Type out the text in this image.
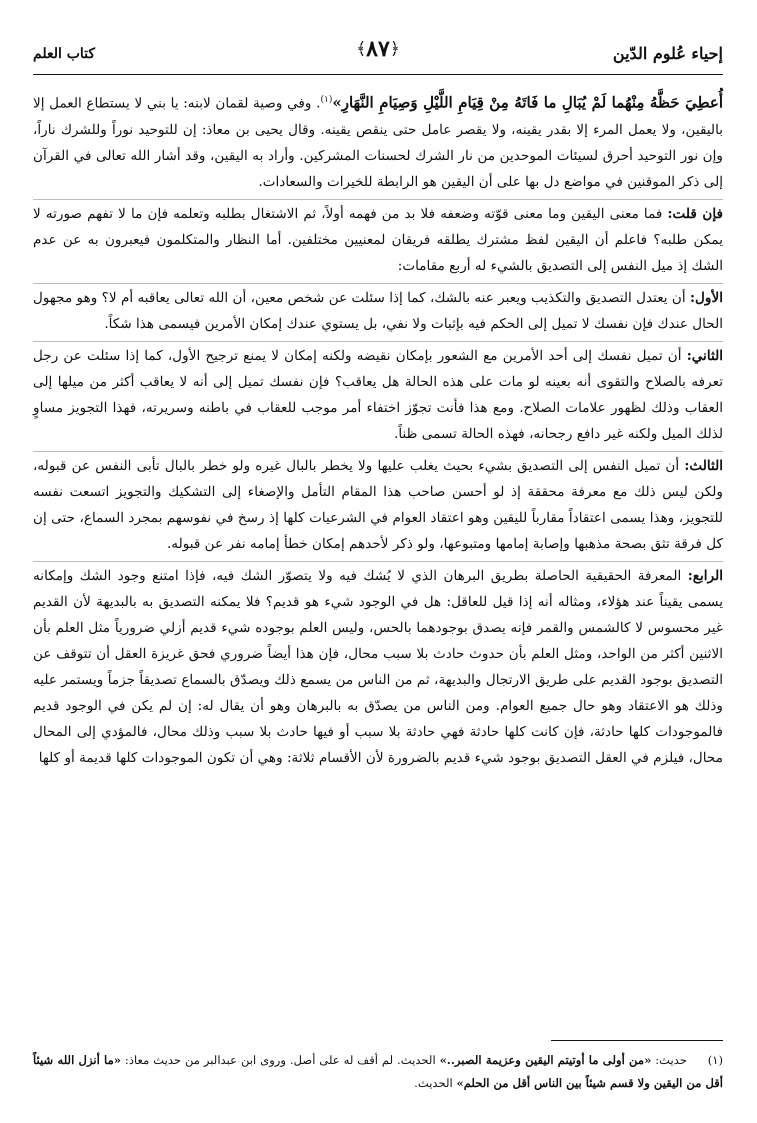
إحياء عُلوم الدّين
﴾٨٧﴿
كتاب العلم

أُعطِيَ حَظَّهُ مِنْهُما لَمْ يُبَالِ ما فَاتَهُ مِنْ قِيَامِ اللَّيْلِ وَصِيَامِ النَّهَارِ»$^{(١)}$. وفي وصية لقمان لابنه: يا بني لا يستطاع العمل إلا باليقين، ولا يعمل المرء إلا بقدر يقينه، ولا يقصر عامل حتى ينقص يقينه. وقال يحيى بن معاذ: إن للتوحيد نوراً وللشرك ناراً، وإن نور التوحيد أحرق لسيئات الموحدين من نار الشرك لحسنات المشركين. وأراد به اليقين، وقد أشار الله تعالى في القرآن إلى ذكر الموقنين في مواضع دل بها على أن اليقين هو الرابطة للخيرات والسعادات.

فإن قلت: فما معنى اليقين وما معنى قوّته وضعفه فلا بد من فهمه أولاً، ثم الاشتغال بطلبه وتعلمه فإن ما لا تفهم صورته لا يمكن طلبه؟ فاعلم أن اليقين لفظ مشترك يطلقه فريقان لمعنيين مختلفين. أما النظار والمتكلمون فيعبرون به عن عدم الشك إذ ميل النفس إلى التصديق بالشيء له أربع مقامات:

الأول: أن يعتدل التصديق والتكذيب ويعبر عنه بالشك، كما إذا سئلت عن شخص معين، أن الله تعالى يعاقبه أم لا؟ وهو مجهول الحال عندك فإن نفسك لا تميل إلى الحكم فيه بإثبات ولا نفي، بل يستوي عندك إمكان الأمرين فيسمى هذا شكاً.

الثاني: أن تميل نفسك إلى أحد الأمرين مع الشعور بإمكان نقيضه ولكنه إمكان لا يمنع ترجيح الأول، كما إذا سئلت عن رجل تعرفه بالصلاح والتقوى أنه بعينه لو مات على هذه الحالة هل يعاقب؟ فإن نفسك تميل إلى أنه لا يعاقب أكثر من ميلها إلى العقاب وذلك لظهور علامات الصلاح. ومع هذا فأنت تجوّز اختفاء أمر موجب للعقاب في باطنه وسريرته، فهذا التجويز مساوٍ لذلك الميل ولكنه غير دافع رجحانه، فهذه الحالة تسمى ظناً.

الثالث: أن تميل النفس إلى التصديق بشيء بحيث يغلب عليها ولا يخطر بالبال غيره ولو خطر بالبال تأبى النفس عن قبوله، ولكن ليس ذلك مع معرفة محققة إذ لو أحسن صاحب هذا المقام التأمل والإصغاء إلى التشكيك والتجويز اتسعت نفسه للتجويز، وهذا يسمى اعتقاداً مقارباً لليقين وهو اعتقاد العوام في الشرعيات كلها إذ رسخ في نفوسهم بمجرد السماع، حتى إن كل فرقة تثق بصحة مذهبها وإصابة إمامها ومتبوعها، ولو ذكر لأحدهم إمكان خطأ إمامه نفر عن قبوله.

الرابع: المعرفة الحقيقية الحاصلة بطريق البرهان الذي لا يُشك فيه ولا يتصوّر الشك فيه، فإذا امتنع وجود الشك وإمكانه يسمى يقيناً عند هؤلاء، ومثاله أنه إذا قيل للعاقل: هل في الوجود شيء هو قديم؟ فلا يمكنه التصديق به بالبديهة لأن القديم غير محسوس لا كالشمس والقمر فإنه يصدق بوجودهما بالحس، وليس العلم بوجوده شيء قديم أزلي ضرورياً مثل العلم بأن الاثنين أكثر من الواحد، ومثل العلم بأن حدوث حادث بلا سبب محال، فإن هذا أيضاً ضروري فحق غريزة العقل أن تتوقف عن التصديق بوجود القديم على طريق الارتجال والبديهة، ثم من الناس من يسمع ذلك ويصدّق بالسماع تصديقاً جزماً ويستمر عليه وذلك هو الاعتقاد وهو حال جميع العوام. ومن الناس من يصدّق به بالبرهان وهو أن يقال له: إن لم يكن في الوجود قديم فالموجودات كلها حادثة، فإن كانت كلها حادثة فهي حادثة بلا سبب أو فيها حادث بلا سبب وذلك محال، فالمؤدي إلى المحال محال، فيلزم في العقل التصديق بوجود شيء قديم بالضرورة لأن الأقسام ثلاثة: وهي أن تكون الموجودات كلها قديمة أو كلها

(١)حديث: «من أولى ما أوتيتم اليقين وعزيمة الصبر..» الحديث. لم أقف له على أصل. وروى ابن عبدالبر من حديث معاذ: «ما أنزل الله شيئاً أقل من اليقين ولا قسم شيئاً بين الناس أقل من الحلم» الحديث.
